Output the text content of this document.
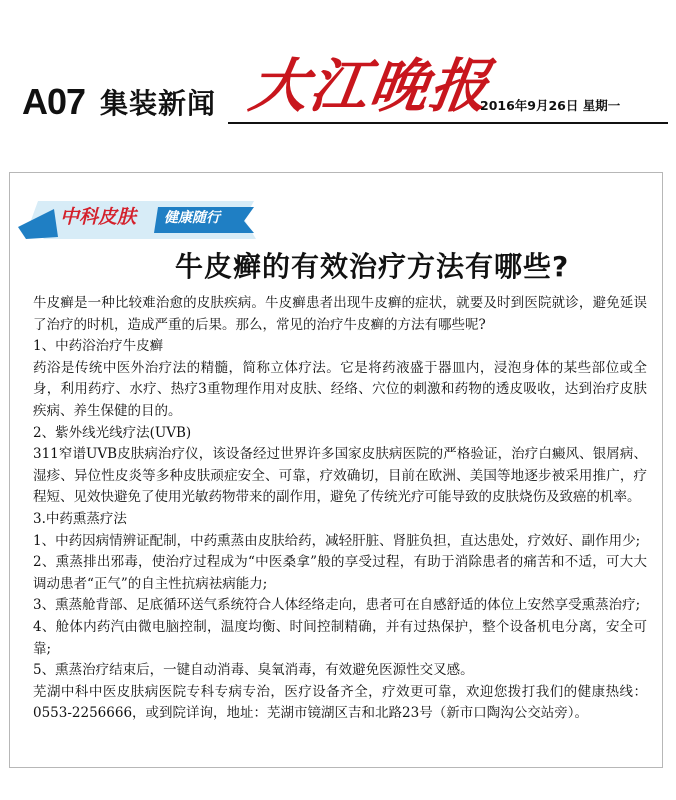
A07 集装新闻 大江晚报
2016年9月26日 星期一
中科皮肤 健康随行
牛皮癣的有效治疗方法有哪些?

牛皮癣是一种比较难治愈的皮肤疾病。牛皮癣患者出现牛皮癣的症状，就要及时到医院就诊，避免延误了治疗的时机，造成严重的后果。那么，常见的治疗牛皮癣的方法有哪些呢?

1、中药浴治疗牛皮癣

药浴是传统中医外治疗法的精髓，简称立体疗法。它是将药液盛于器皿内，浸泡身体的某些部位或全身，利用药疗、水疗、热疗3重物理作用对皮肤、经络、穴位的刺激和药物的透皮吸收，达到治疗皮肤疾病、养生保健的目的。

2、紫外线光线疗法(UVB)

311窄谱UVB皮肤病治疗仪，该设备经过世界许多国家皮肤病医院的严格验证，治疗白癜风、银屑病、湿疹、异位性皮炎等多种皮肤顽症安全、可靠，疗效确切，目前在欧洲、美国等地逐步被采用推广，疗程短、见效快避免了使用光敏药物带来的副作用，避免了传统光疗可能导致的皮肤烧伤及致癌的机率。

3.中药熏蒸疗法

1、中药因病情辨证配制，中药熏蒸由皮肤给药，减轻肝脏、肾脏负担，直达患处，疗效好、副作用少;

2、熏蒸排出邪毒，使治疗过程成为“中医桑拿”般的享受过程，有助于消除患者的痛苦和不适，可大大调动患者“正气”的自主性抗病祛病能力;

3、熏蒸舱背部、足底循环送气系统符合人体经络走向，患者可在自感舒适的体位上安然享受熏蒸治疗;

4、舱体内药汽由微电脑控制，温度均衡、时间控制精确，并有过热保护，整个设备机电分离，安全可靠;

5、熏蒸治疗结束后，一键自动消毒、臭氧消毒，有效避免医源性交叉感。

芜湖中科中医皮肤病医院专科专病专治，医疗设备齐全，疗效更可靠，欢迎您拨打我们的健康热线：0553-2256666，或到院详询，地址：芜湖市镜湖区吉和北路23号（新市口陶沟公交站旁）。
